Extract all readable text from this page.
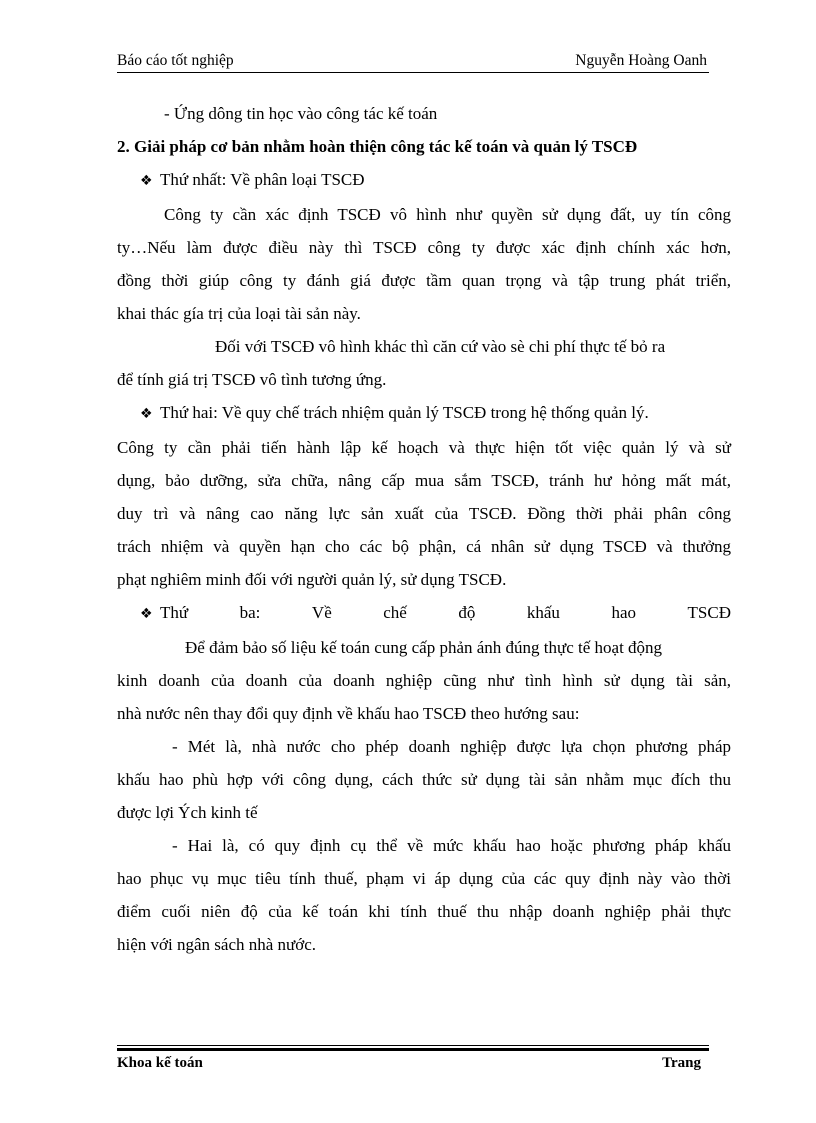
Báo cáo tốt nghiệp	Nguyễn Hoàng Oanh
- Ứng dông tin học vào công tác kế toán
2. Giải pháp cơ bản nhằm hoàn thiện công tác kế toán và quản lý TSCĐ
❖ Thứ nhất: Về phân loại TSCĐ
Công ty cần xác định TSCĐ vô hình như quyền sử dụng đất, uy tín công
ty…Nếu làm được điều này thì TSCĐ công ty được xác định chính xác hơn,
đồng thời giúp công ty đánh giá được tầm quan trọng và tập trung phát triển,
khai thác gía trị của loại tài sản này.
Đối với TSCĐ vô hình khác thì căn cứ vào sè chi phí thực tế bỏ ra
để tính giá trị TSCĐ vô tình tương ứng.
❖ Thứ hai: Về quy chế trách nhiệm quản lý TSCĐ trong hệ thống quản lý.
Công ty cần phải tiến hành lập kế hoạch và thực hiện tốt việc quản lý và sử
dụng, bảo dưỡng, sửa chữa, nâng cấp mua sắm TSCĐ, tránh hư hỏng mất mát,
duy trì và nâng cao năng lực sản xuất của TSCĐ. Đồng thời phải phân công
trách nhiệm và quyền hạn cho các bộ phận, cá nhân sử dụng TSCĐ và thưởng
phạt nghiêm minh đối với người quản lý, sử dụng TSCĐ.
❖ Thứ	ba:	Về	chế	độ	khấu	hao	TSCĐ
Để đảm bảo số liệu kế toán cung cấp phản ánh đúng thực tế hoạt động
kinh doanh của doanh của doanh nghiệp cũng như tình hình sử dụng tài sản,
nhà nước nên thay đổi quy định về khấu hao TSCĐ theo hướng sau:
- Mét là, nhà nước cho phép doanh nghiệp được lựa chọn phương pháp
khấu hao phù hợp với công dụng, cách thức sử dụng tài sản nhằm mục đích thu
được lợi Ých kinh tế
- Hai là, có quy định cụ thể về mức khấu hao hoặc phương pháp khấu
hao phục vụ mục tiêu tính thuế, phạm vi áp dụng của các quy định này vào thời
điểm cuối niên độ của kế toán khi tính thuế thu nhập doanh nghiệp phải thực
hiện với ngân sách nhà nước.
Khoa kế toán	Trang
